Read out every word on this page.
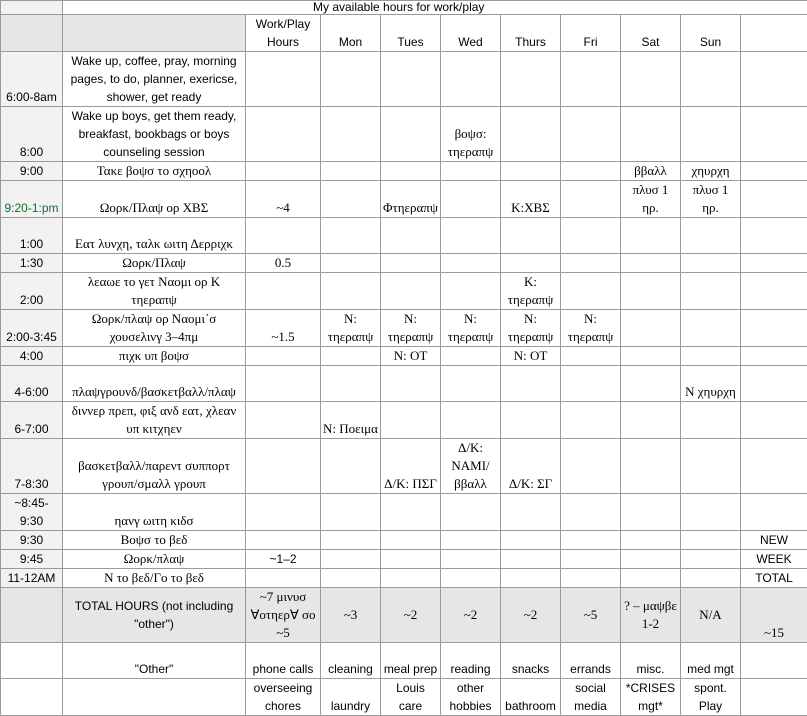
	My available hours for work/play									
		Work/Play Hours	Mon	Tues	Wed	Thurs	Fri	Sat	Sun	
6:00-8am	Wake up, coffee, pray, morning pages, to do, planner, exericse, shower, get ready									
8:00	Wake up boys, get them ready, breakfast, bookbags or boys counseling session				βοψσ: τηεραπψ					
9:00	Τακε βοψσ το σχηοολ							ββαλλ	χηυρχη	
9:20-1:pm	Ωορκ/Πλαψ ορ ΧΒΣ	~4		Φτηεραπψ		Κ:ΧΒΣ		πλυσ 1 ηρ.	πλυσ 1 ηρ.	
1:00	Εατ λυνχη, ταλκ ωιτη Δερριχκ									
1:30	Ωορκ/Πλαψ	0.5								
2:00	λεαωε το γετ Ναομι ορ Κ τηεραπψ					Κ: τηεραπψ				
2:00-3:45	Ωορκ/πλαψ ορ Ναομι᾽σ χουσελινγ 3–4πμ	~1.5	Ν: τηεραπψ	Ν: τηεραπψ	Ν: τηεραπψ	Ν: τηεραπψ	Ν: τηεραπψ			
4:00	πιχκ υπ βοψσ			Ν: OT		Ν: OT				
4-6:00	πλαψγρουνδ/βασκετβαλλ/πλαψ								Ν χηυρχη	
6-7:00	διννερ πρεπ, φιξ ανδ εατ, χλεαν υπ κιτχηεν		Ν: Ποειμα							
7-8:30	βασκετβαλλ/παρεντ συππορτ γρουπ/σμαλλ γρουπ			Δ/Κ: ΠΣΓ	Δ/Κ: NAMI/ββαλλ	Δ/Κ: ΣΓ				
~8:45-9:30	ηανγ ωιτη κιδσ									
9:30	Βοψσ το βεδ									NEW
9:45	Ωορκ/πλαψ	~1–2								WEEK
11-12AM	Ν το βεδ/Γο το βεδ									TOTAL
	TOTAL HOURS (not including "other")	~7 μινυσ ∀οτηερ∀ σο ~5	~3	~2	~2	~2	~5	? – μαψβε 1-2	N/A	~15
	"Other"	phone calls	cleaning	meal prep	reading	snacks	errands	misc.	med mgt	
		overseeing chores	laundry	Louis care	other hobbies	bathroom	social media	*CRISES mgt*	spont. Play	
